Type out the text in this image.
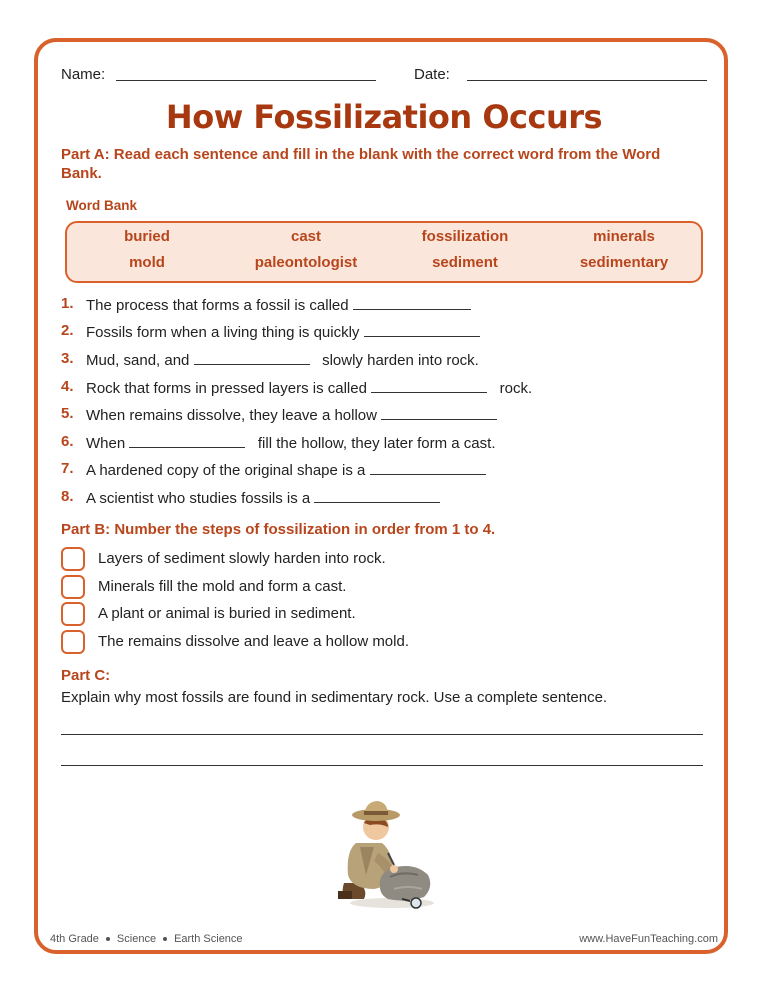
Name:	Date:
How Fossilization Occurs
Part A: Read each sentence and fill in the blank with the correct word from the Word Bank.
Word Bank
buried	cast	fossilization	minerals
mold	paleontologist	sediment	sedimentary
1. The process that forms a fossil is called
2. Fossils form when a living thing is quickly
3. Mud, sand, and	slowly harden into rock.
4. Rock that forms in pressed layers is called	rock.
5. When remains dissolve, they leave a hollow
6. When	fill the hollow, they later form a cast.
7. A hardened copy of the original shape is a
8. A scientist who studies fossils is a
Part B: Number the steps of fossilization in order from 1 to 4.
Layers of sediment slowly harden into rock.
Minerals fill the mold and form a cast.
A plant or animal is buried in sediment.
The remains dissolve and leave a hollow mold.
Part C:
Explain why most fossils are found in sedimentary rock. Use a complete sentence.
4th Grade Science Earth Science	www.HaveFunTeaching.com
